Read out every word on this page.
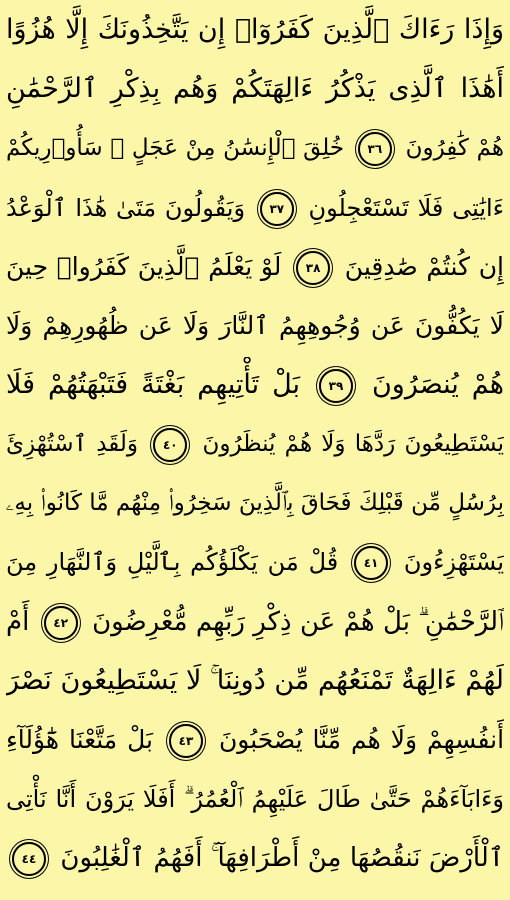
وَإِذَا رَءَاكَ ٱلَّذِينَ كَفَرُوٓا۟ إِن يَتَّخِذُونَكَ إِلَّا هُزُوًا
أَهَٰذَا ٱلَّذِى يَذْكُرُ ءَالِهَتَكُمْ وَهُم بِذِكْرِ ٱلرَّحْمَٰنِ
هُمْ كَٰفِرُونَ ٣٦ خُلِقَ ٱلْإِنسَٰنُ مِنْ عَجَلٍ ۚ سَأُو۟رِيكُمْ
ءَايَٰتِى فَلَا تَسْتَعْجِلُونِ ٣٧ وَيَقُولُونَ مَتَىٰ هَٰذَا ٱلْوَعْدُ
إِن كُنتُمْ صَٰدِقِينَ ٣٨ لَوْ يَعْلَمُ ٱلَّذِينَ كَفَرُوا۟ حِينَ
لَا يَكُفُّونَ عَن وُجُوهِهِمُ ٱلنَّارَ وَلَا عَن ظُهُورِهِمْ وَلَا
هُمْ يُنصَرُونَ ٣٩ بَلْ تَأْتِيهِم بَغْتَةً فَتَبْهَتُهُمْ فَلَا
يَسْتَطِيعُونَ رَدَّهَا وَلَا هُمْ يُنظَرُونَ ٤٠ وَلَقَدِ ٱسْتُهْزِئَ
بِرُسُلٍ مِّن قَبْلِكَ فَحَاقَ بِٱلَّذِينَ سَخِرُوا۟ مِنْهُم مَّا كَانُوا۟ بِهِۦ
يَسْتَهْزِءُونَ ٤١ قُلْ مَن يَكْلَؤُكُم بِٱلَّيْلِ وَٱلنَّهَارِ مِنَ
ٱلرَّحْمَٰنِ ۗ بَلْ هُمْ عَن ذِكْرِ رَبِّهِم مُّعْرِضُونَ ٤٢ أَمْ
لَهُمْ ءَالِهَةٌ تَمْنَعُهُم مِّن دُونِنَا ۚ لَا يَسْتَطِيعُونَ نَصْرَ
أَنفُسِهِمْ وَلَا هُم مِّنَّا يُصْحَبُونَ ٤٣ بَلْ مَتَّعْنَا هَٰٓؤُلَآءِ
وَءَابَآءَهُمْ حَتَّىٰ طَالَ عَلَيْهِمُ ٱلْعُمُرُ ۗ أَفَلَا يَرَوْنَ أَنَّا نَأْتِى
ٱلْأَرْضَ نَنقُصُهَا مِنْ أَطْرَافِهَآ ۚ أَفَهُمُ ٱلْغَٰلِبُونَ ٤٤
